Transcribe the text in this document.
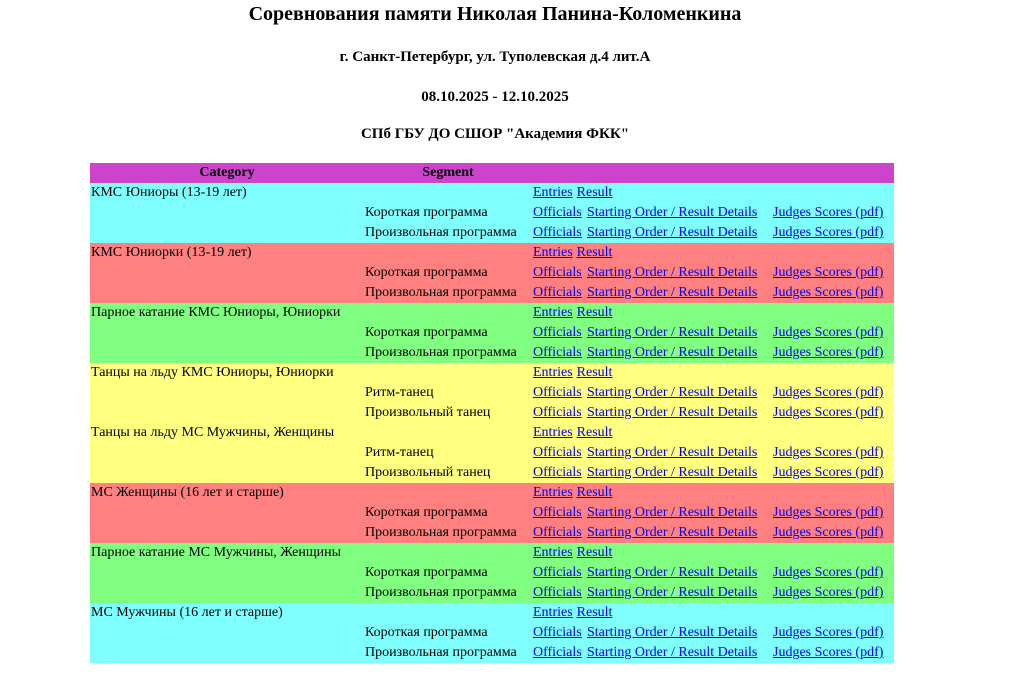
Соревнования памяти Николая Панина-Коломенкина
г. Санкт-Петербург, ул. Туполевская д.4 лит.А
08.10.2025 - 12.10.2025
СПб ГБУ ДО СШОР "Академия ФКК"
Category	Segment			
КМС Юниоры (13-19 лет)		Entries Result		
	Короткая программа	Officials	Starting Order / Result Details	Judges Scores (pdf)
	Произвольная программа	Officials	Starting Order / Result Details	Judges Scores (pdf)
КМС Юниорки (13-19 лет)		Entries Result		
	Короткая программа	Officials	Starting Order / Result Details	Judges Scores (pdf)
	Произвольная программа	Officials	Starting Order / Result Details	Judges Scores (pdf)
Парное катание КМС Юниоры, Юниорки		Entries Result		
	Короткая программа	Officials	Starting Order / Result Details	Judges Scores (pdf)
	Произвольная программа	Officials	Starting Order / Result Details	Judges Scores (pdf)
Танцы на льду КМС Юниоры, Юниорки		Entries Result		
	Ритм-танец	Officials	Starting Order / Result Details	Judges Scores (pdf)
	Произвольный танец	Officials	Starting Order / Result Details	Judges Scores (pdf)
Танцы на льду МС Мужчины, Женщины		Entries Result		
	Ритм-танец	Officials	Starting Order / Result Details	Judges Scores (pdf)
	Произвольный танец	Officials	Starting Order / Result Details	Judges Scores (pdf)
МС Женщины (16 лет и старше)		Entries Result		
	Короткая программа	Officials	Starting Order / Result Details	Judges Scores (pdf)
	Произвольная программа	Officials	Starting Order / Result Details	Judges Scores (pdf)
Парное катание МС Мужчины, Женщины		Entries Result		
	Короткая программа	Officials	Starting Order / Result Details	Judges Scores (pdf)
	Произвольная программа	Officials	Starting Order / Result Details	Judges Scores (pdf)
МС Мужчины (16 лет и старше)		Entries Result		
	Короткая программа	Officials	Starting Order / Result Details	Judges Scores (pdf)
	Произвольная программа	Officials	Starting Order / Result Details	Judges Scores (pdf)
